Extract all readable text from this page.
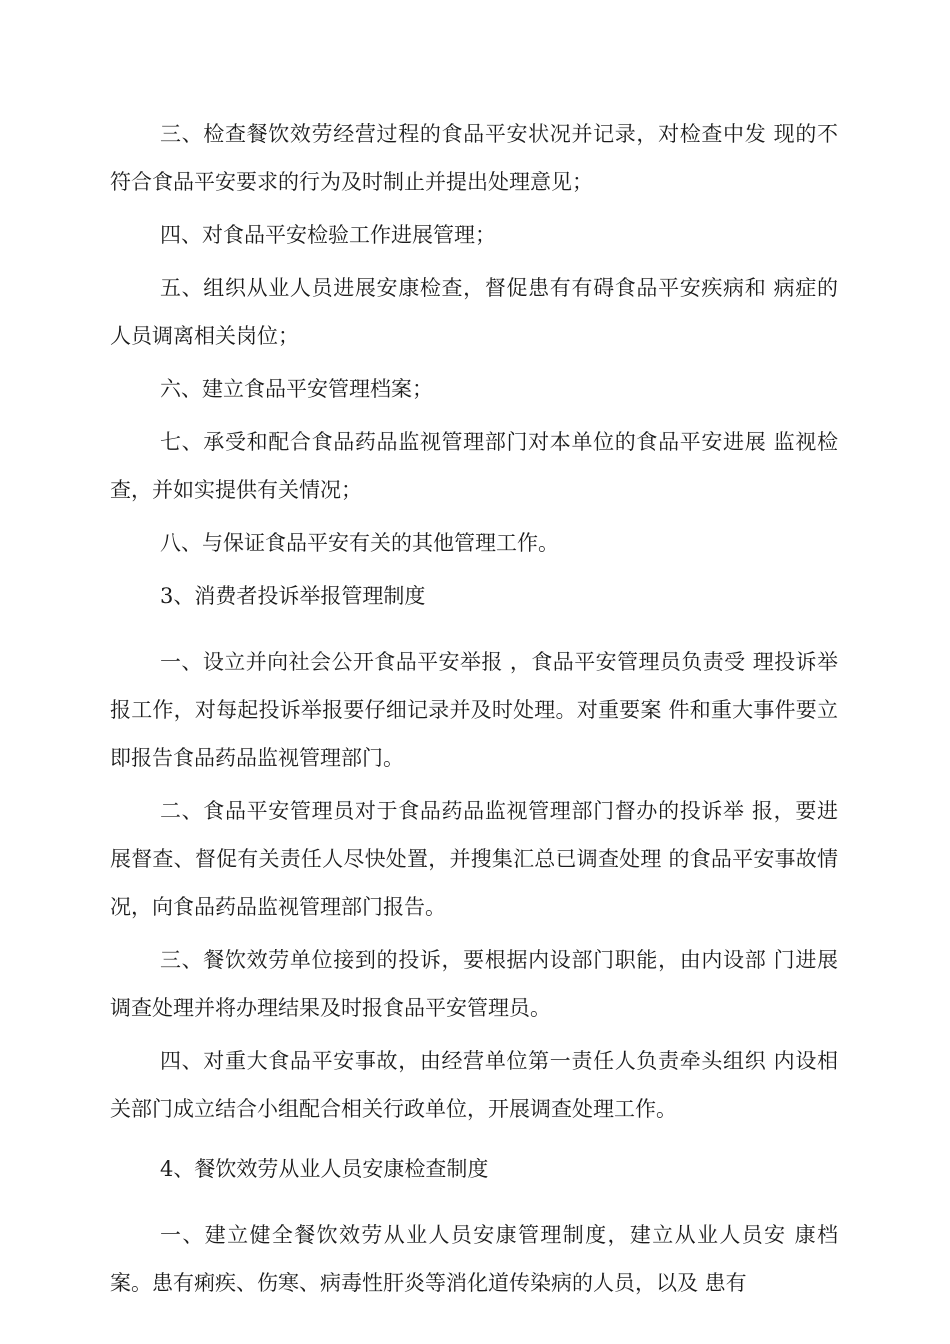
三、检查餐饮效劳经营过程的食品平安状况并记录，对检查中发 现的不符合食品平安要求的行为及时制止并提出处理意见；

四、对食品平安检验工作进展管理；

五、组织从业人员进展安康检查，督促患有有碍食品平安疾病和 病症的人员调离相关岗位；

六、建立食品平安管理档案；

七、承受和配合食品药品监视管理部门对本单位的食品平安进展 监视检查，并如实提供有关情况；

八、与保证食品平安有关的其他管理工作。

3、消费者投诉举报管理制度

一、设立并向社会公开食品平安举报 ，食品平安管理员负责受 理投诉举报工作，对每起投诉举报要仔细记录并及时处理。对重要案 件和重大事件要立即报告食品药品监视管理部门。

二、食品平安管理员对于食品药品监视管理部门督办的投诉举 报，要进展督查、督促有关责任人尽快处置，并搜集汇总已调查处理 的食品平安事故情况，向食品药品监视管理部门报告。

三、餐饮效劳单位接到的投诉，要根据内设部门职能，由内设部 门进展调查处理并将办理结果及时报食品平安管理员。

四、对重大食品平安事故，由经营单位第一责任人负责牵头组织 内设相关部门成立结合小组配合相关行政单位，开展调查处理工作。

4、餐饮效劳从业人员安康检查制度

一、建立健全餐饮效劳从业人员安康管理制度，建立从业人员安 康档案。患有痢疾、伤寒、病毒性肝炎等消化道传染病的人员，以及 患有
